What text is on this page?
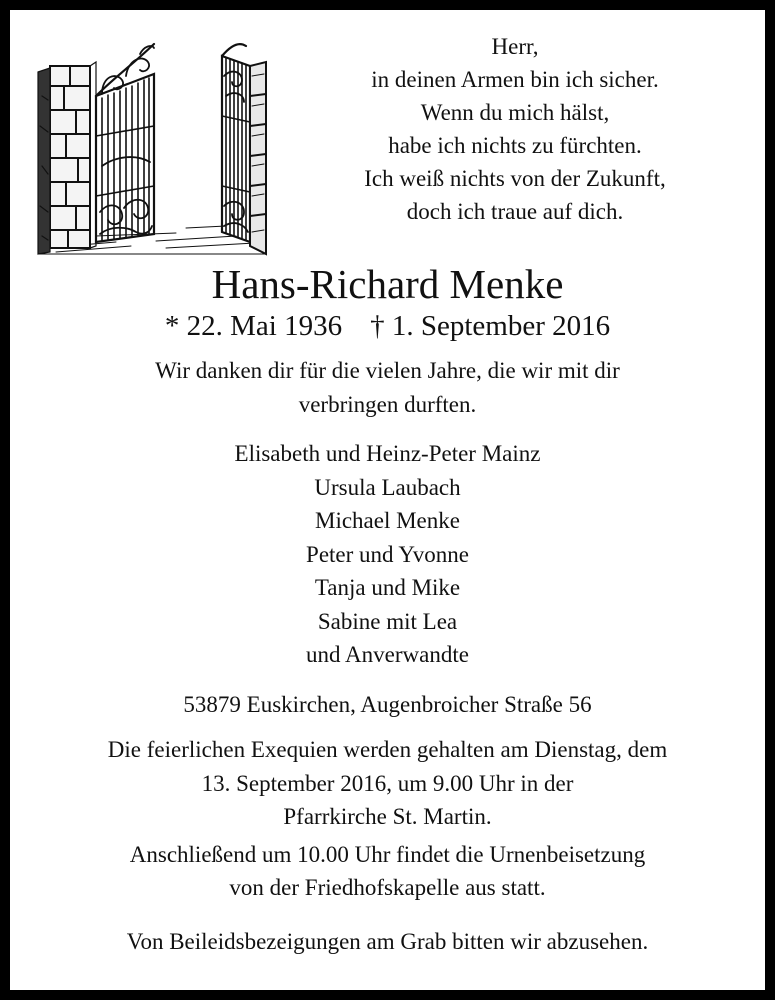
Herr,
in deinen Armen bin ich sicher.
Wenn du mich hälst,
habe ich nichts zu fürchten.
Ich weiß nichts von der Zukunft,
doch ich traue auf dich.
Hans-Richard Menke
* 22. Mai 1936 † 1. September 2016
Wir danken dir für die vielen Jahre, die wir mit dir
verbringen durften.
Elisabeth und Heinz-Peter Mainz
Ursula Laubach
Michael Menke
Peter und Yvonne
Tanja und Mike
Sabine mit Lea
und Anverwandte
53879 Euskirchen, Augenbroicher Straße 56
Die feierlichen Exequien werden gehalten am Dienstag, dem
13. September 2016, um 9.00 Uhr in der
Pfarrkirche St. Martin.
Anschließend um 10.00 Uhr findet die Urnenbeisetzung
von der Friedhofskapelle aus statt.
Von Beileidsbezeigungen am Grab bitten wir abzusehen.
